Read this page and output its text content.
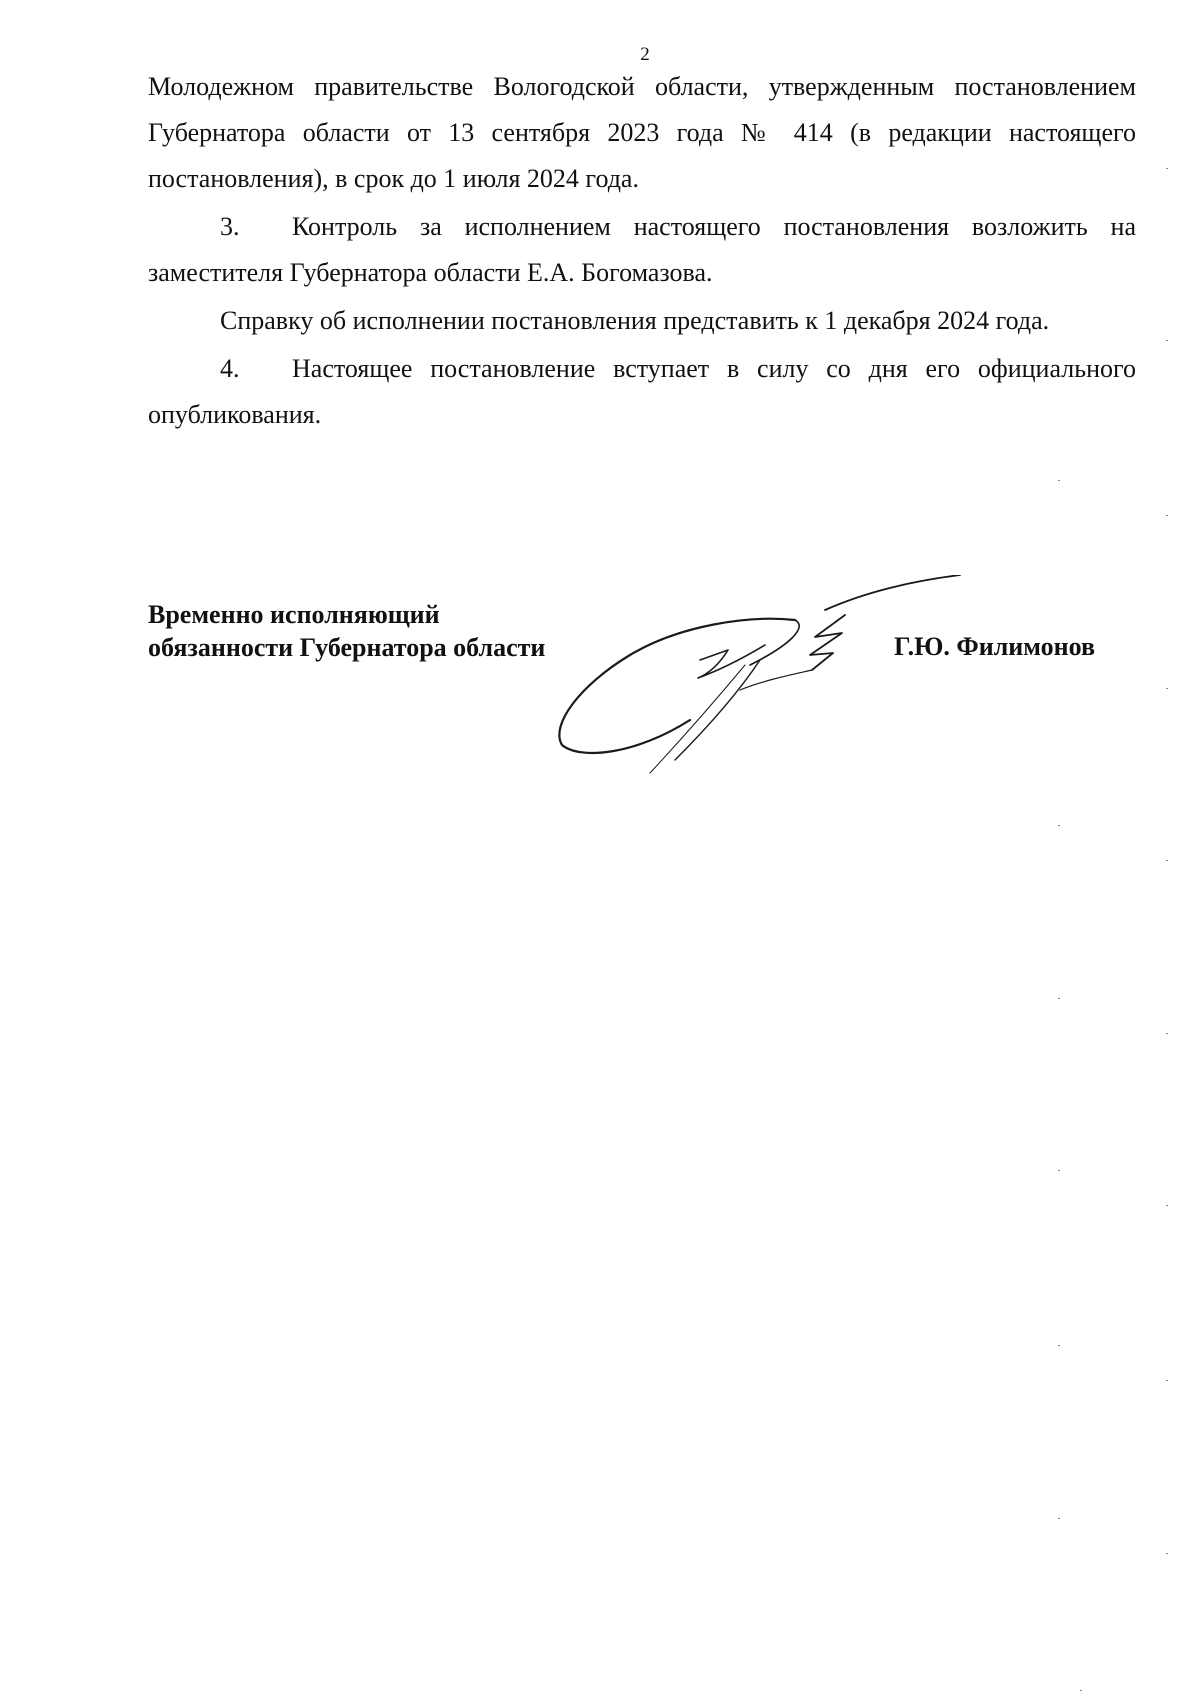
2

Молодежном правительстве Вологодской области, утвержденным постановлением Губернатора области от 13 сентября 2023 года № 414 (в редакции настоящего постановления), в срок до 1 июля 2024 года.

3. Контроль за исполнением настоящего постановления возложить на заместителя Губернатора области Е.А. Богомазова.

Справку об исполнении постановления представить к 1 декабря 2024 года.

4. Настоящее постановление вступает в силу со дня его официального опубликования.

Временно исполняющий
обязанности Губернатора области	Г.Ю. Филимонов
